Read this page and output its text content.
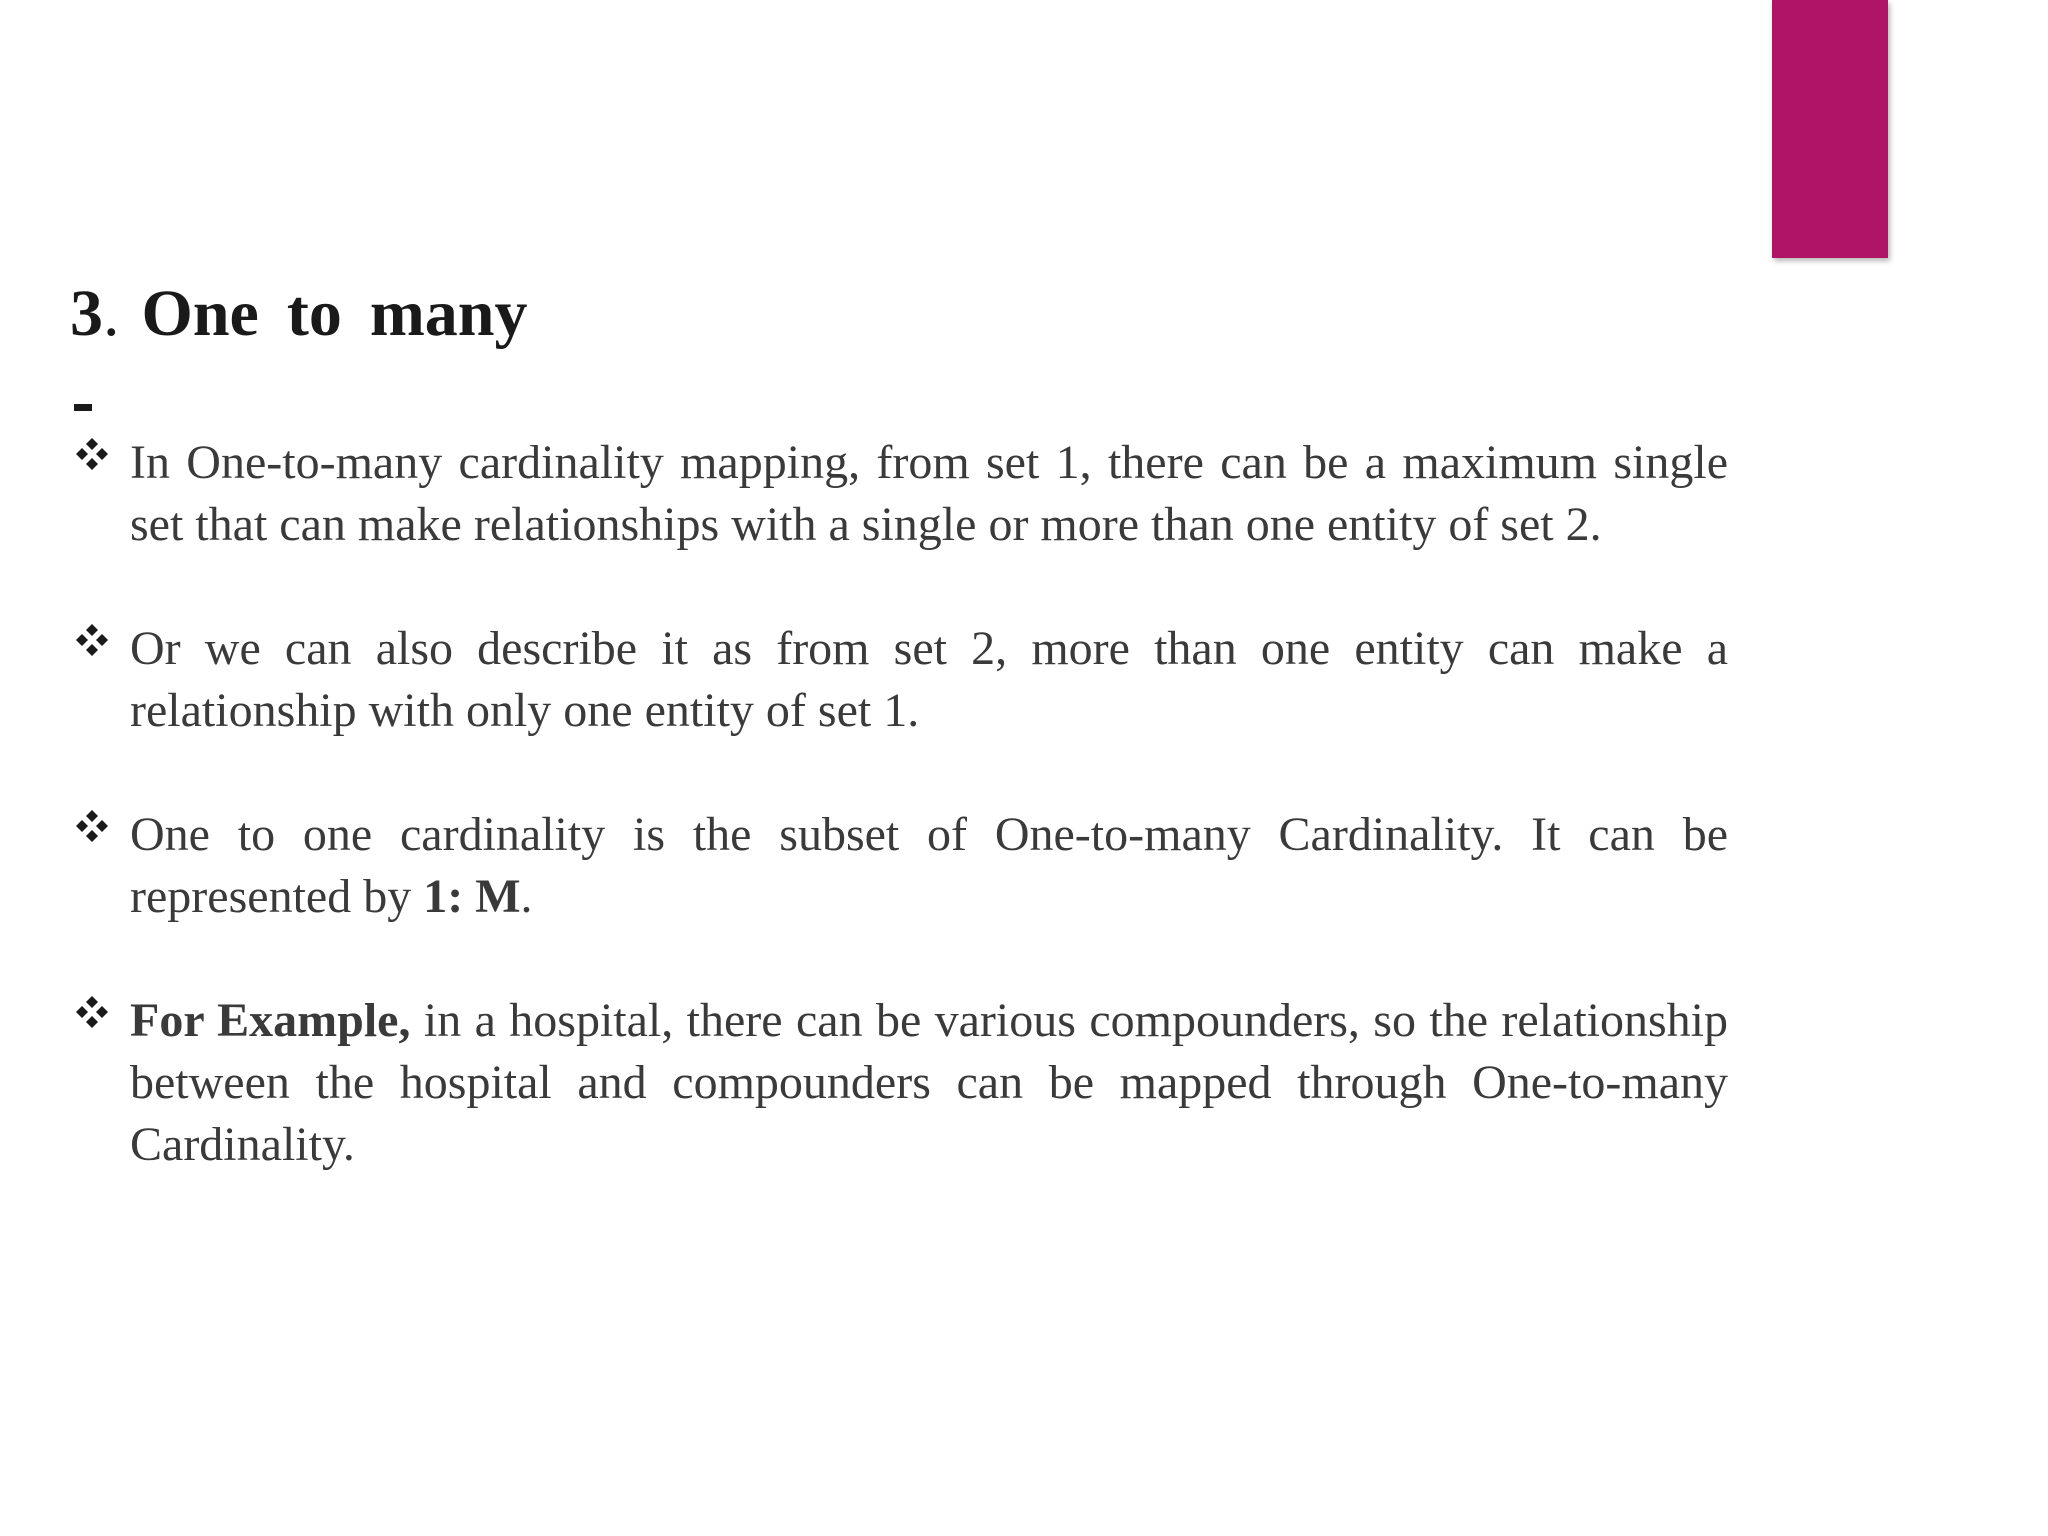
3. One to many
In One-to-many cardinality mapping, from set 1, there can be a maximum single set that can make relationships with a single or more than one entity of set 2.
Or we can also describe it as from set 2, more than one entity can make a relationship with only one entity of set 1.
One to one cardinality is the subset of One-to-many Cardinality. It can be represented by 1: M.
For Example, in a hospital, there can be various compounders, so the relationship between the hospital and compounders can be mapped through One-to-many Cardinality.
